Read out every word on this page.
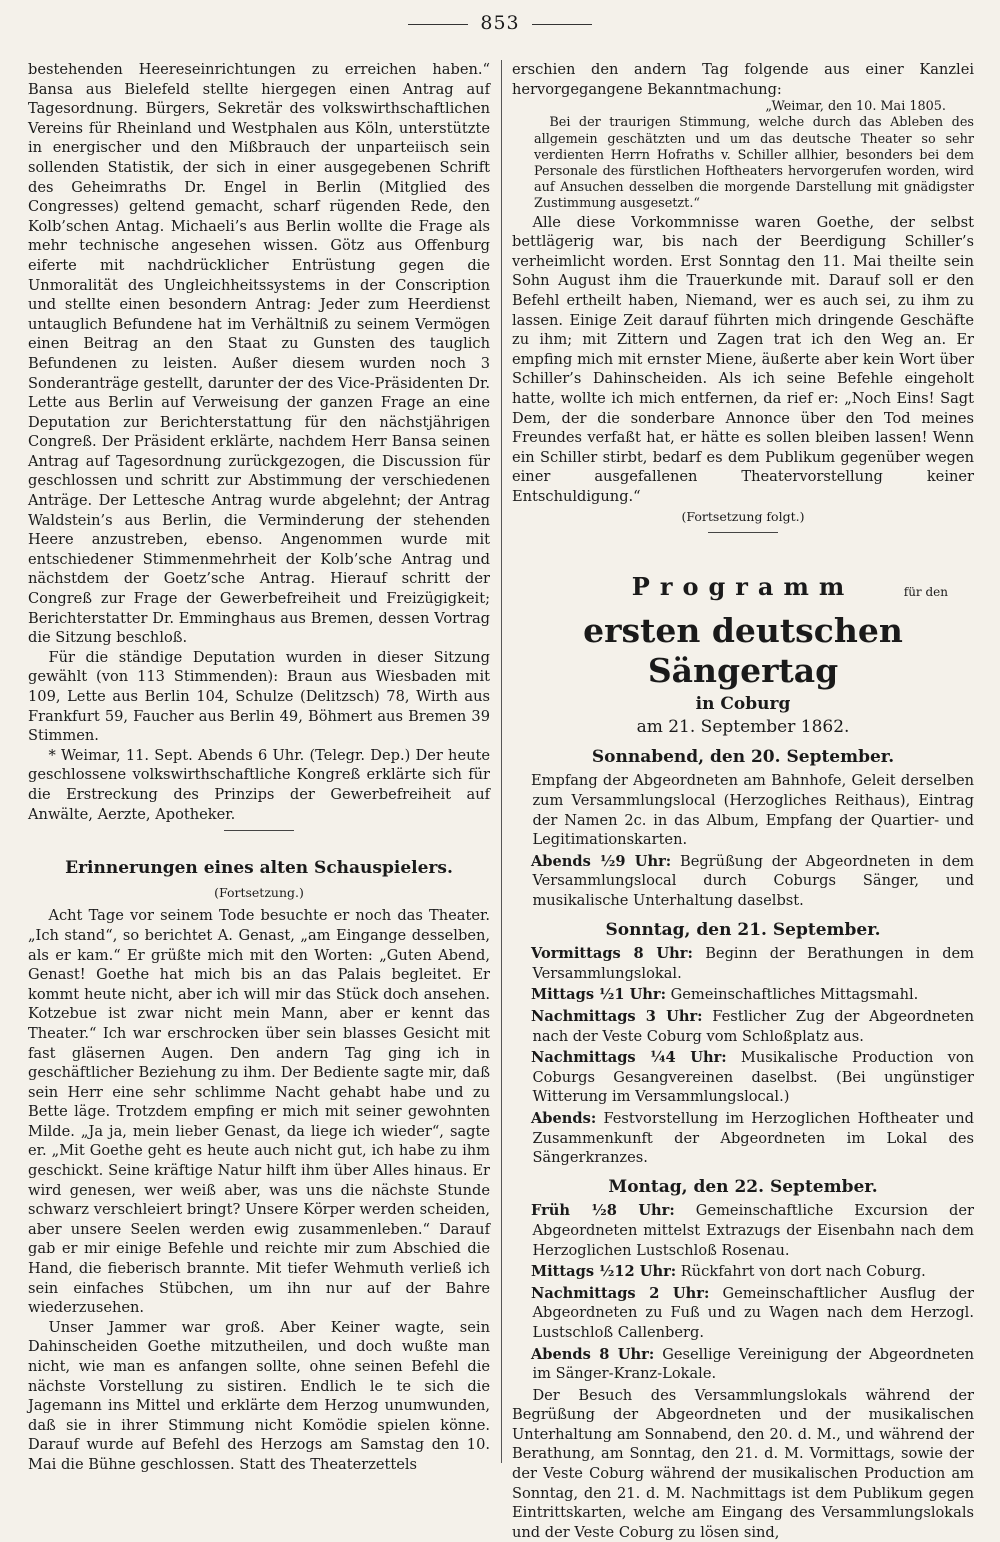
853

bestehenden Heereseinrichtungen zu erreichen haben.“ Bansa aus Bielefeld stellte hiergegen einen Antrag auf Tagesordnung. Bürgers, Sekretär des volkswirthschaftlichen Vereins für Rheinland und Westphalen aus Köln, unterstützte in energischer und den Mißbrauch der unparteiisch sein sollenden Statistik, der sich in einer ausgegebenen Schrift des Geheimraths Dr. Engel in Berlin (Mitglied des Congresses) geltend gemacht, scharf rügenden Rede, den Kolb’schen Antag. Michaeli’s aus Berlin wollte die Frage als mehr technische angesehen wissen. Götz aus Offenburg eiferte mit nachdrücklicher Entrüstung gegen die Unmoralität des Ungleichheitssystems in der Conscription und stellte einen besondern Antrag: Jeder zum Heerdienst untauglich Befundene hat im Verhältniß zu seinem Vermögen einen Beitrag an den Staat zu Gunsten des tauglich Befundenen zu leisten. Außer diesem wurden noch 3 Sonderanträge gestellt, darunter der des Vice-Präsidenten Dr. Lette aus Berlin auf Verweisung der ganzen Frage an eine Deputation zur Berichterstattung für den nächstjährigen Congreß. Der Präsident erklärte, nachdem Herr Bansa seinen Antrag auf Tagesordnung zurückgezogen, die Discussion für geschlossen und schritt zur Abstimmung der verschiedenen Anträge. Der Lettesche Antrag wurde abgelehnt; der Antrag Waldstein’s aus Berlin, die Verminderung der stehenden Heere anzustreben, ebenso. Angenommen wurde mit entschiedener Stimmenmehrheit der Kolb’sche Antrag und nächstdem der Goetz’sche Antrag. Hierauf schritt der Congreß zur Frage der Gewerbefreiheit und Freizügigkeit; Berichterstatter Dr. Emminghaus aus Bremen, dessen Vortrag die Sitzung beschloß.

Für die ständige Deputation wurden in dieser Sitzung gewählt (von 113 Stimmenden): Braun aus Wiesbaden mit 109, Lette aus Berlin 104, Schulze (Delitzsch) 78, Wirth aus Frankfurt 59, Faucher aus Berlin 49, Böhmert aus Bremen 39 Stimmen.

* Weimar, 11. Sept. Abends 6 Uhr. (Telegr. Dep.) Der heute geschlossene volkswirthschaftliche Kongreß erklärte sich für die Erstreckung des Prinzips der Gewerbefreiheit auf Anwälte, Aerzte, Apotheker.

Erinnerungen eines alten Schauspielers.
(Fortsetzung.)

Acht Tage vor seinem Tode besuchte er noch das Theater. „Ich stand“, so berichtet A. Genast, „am Eingange desselben, als er kam.“ Er grüßte mich mit den Worten: „Guten Abend, Genast! Goethe hat mich bis an das Palais begleitet. Er kommt heute nicht, aber ich will mir das Stück doch ansehen. Kotzebue ist zwar nicht mein Mann, aber er kennt das Theater.“ Ich war erschrocken über sein blasses Gesicht mit fast gläsernen Augen. Den andern Tag ging ich in geschäftlicher Beziehung zu ihm. Der Bediente sagte mir, daß sein Herr eine sehr schlimme Nacht gehabt habe und zu Bette läge. Trotzdem empfing er mich mit seiner gewohnten Milde. „Ja ja, mein lieber Genast, da liege ich wieder“, sagte er. „Mit Goethe geht es heute auch nicht gut, ich habe zu ihm geschickt. Seine kräftige Natur hilft ihm über Alles hinaus. Er wird genesen, wer weiß aber, was uns die nächste Stunde schwarz verschleiert bringt? Unsere Körper werden scheiden, aber unsere Seelen werden ewig zusammenleben.“ Darauf gab er mir einige Befehle und reichte mir zum Abschied die Hand, die fieberisch brannte. Mit tiefer Wehmuth verließ ich sein einfaches Stübchen, um ihn nur auf der Bahre wiederzusehen.

Unser Jammer war groß. Aber Keiner wagte, sein Dahinscheiden Goethe mitzutheilen, und doch wußte man nicht, wie man es anfangen sollte, ohne seinen Befehl die nächste Vorstellung zu sistiren. Endlich le te sich die Jagemann ins Mittel und erklärte dem Herzog unumwunden, daß sie in ihrer Stimmung nicht Komödie spielen könne. Darauf wurde auf Befehl des Herzogs am Samstag den 10. Mai die Bühne geschlossen. Statt des Theaterzettels

erschien den andern Tag folgende aus einer Kanzlei hervorgegangene Bekanntmachung:

„Weimar, den 10. Mai 1805.

Bei der traurigen Stimmung, welche durch das Ableben des allgemein geschätzten und um das deutsche Theater so sehr verdienten Herrn Hofraths v. Schiller allhier, besonders bei dem Personale des fürstlichen Hoftheaters hervorgerufen worden, wird auf Ansuchen desselben die morgende Darstellung mit gnädigster Zustimmung ausgesetzt.“

Alle diese Vorkommnisse waren Goethe, der selbst bettlägerig war, bis nach der Beerdigung Schiller’s verheimlicht worden. Erst Sonntag den 11. Mai theilte sein Sohn August ihm die Trauerkunde mit. Darauf soll er den Befehl ertheilt haben, Niemand, wer es auch sei, zu ihm zu lassen. Einige Zeit darauf führten mich dringende Geschäfte zu ihm; mit Zittern und Zagen trat ich den Weg an. Er empfing mich mit ernster Miene, äußerte aber kein Wort über Schiller’s Dahinscheiden. Als ich seine Befehle eingeholt hatte, wollte ich mich entfernen, da rief er: „Noch Eins! Sagt Dem, der die sonderbare Annonce über den Tod meines Freundes verfaßt hat, er hätte es sollen bleiben lassen! Wenn ein Schiller stirbt, bedarf es dem Publikum gegenüber wegen einer ausgefallenen Theatervorstellung keiner Entschuldigung.“

(Fortsetzung folgt.)
Programm	für den
ersten deutschen Sängertag
in Coburg
am 21. September 1862.
Sonnabend, den 20. September.

Empfang der Abgeordneten am Bahnhofe, Geleit derselben zum Versammlungslocal (Herzogliches Reithaus), Eintrag der Namen 2c. in das Album, Empfang der Quartier- und Legitimationskarten.

Abends ½9 Uhr: Begrüßung der Abgeordneten in dem Versammlungslocal durch Coburgs Sänger, und musikalische Unterhaltung daselbst.

Sonntag, den 21. September.

Vormittags 8 Uhr: Beginn der Berathungen in dem Versammlungslokal.

Mittags ½1 Uhr: Gemeinschaftliches Mittagsmahl.

Nachmittags 3 Uhr: Festlicher Zug der Abgeordneten nach der Veste Coburg vom Schloßplatz aus.

Nachmittags ¼4 Uhr: Musikalische Production von Coburgs Gesangvereinen daselbst. (Bei ungünstiger Witterung im Versammlungslocal.)

Abends: Festvorstellung im Herzoglichen Hoftheater und Zusammenkunft der Abgeordneten im Lokal des Sängerkranzes.

Montag, den 22. September.

Früh ½8 Uhr: Gemeinschaftliche Excursion der Abgeordneten mittelst Extrazugs der Eisenbahn nach dem Herzoglichen Lustschloß Rosenau.

Mittags ½12 Uhr: Rückfahrt von dort nach Coburg.

Nachmittags 2 Uhr: Gemeinschaftlicher Ausflug der Abgeordneten zu Fuß und zu Wagen nach dem Herzogl. Lustschloß Callenberg.

Abends 8 Uhr: Gesellige Vereinigung der Abgeordneten im Sänger-Kranz-Lokale.

Der Besuch des Versammlungslokals während der Begrüßung der Abgeordneten und der musikalischen Unterhaltung am Sonnabend, den 20. d. M., und während der Berathung, am Sonntag, den 21. d. M. Vormittags, sowie der der Veste Coburg während der musikalischen Production am Sonntag, den 21. d. M. Nachmittags ist dem Publikum gegen Eintrittskarten, welche am Eingang des Versammlungslokals und der Veste Coburg zu lösen sind,
